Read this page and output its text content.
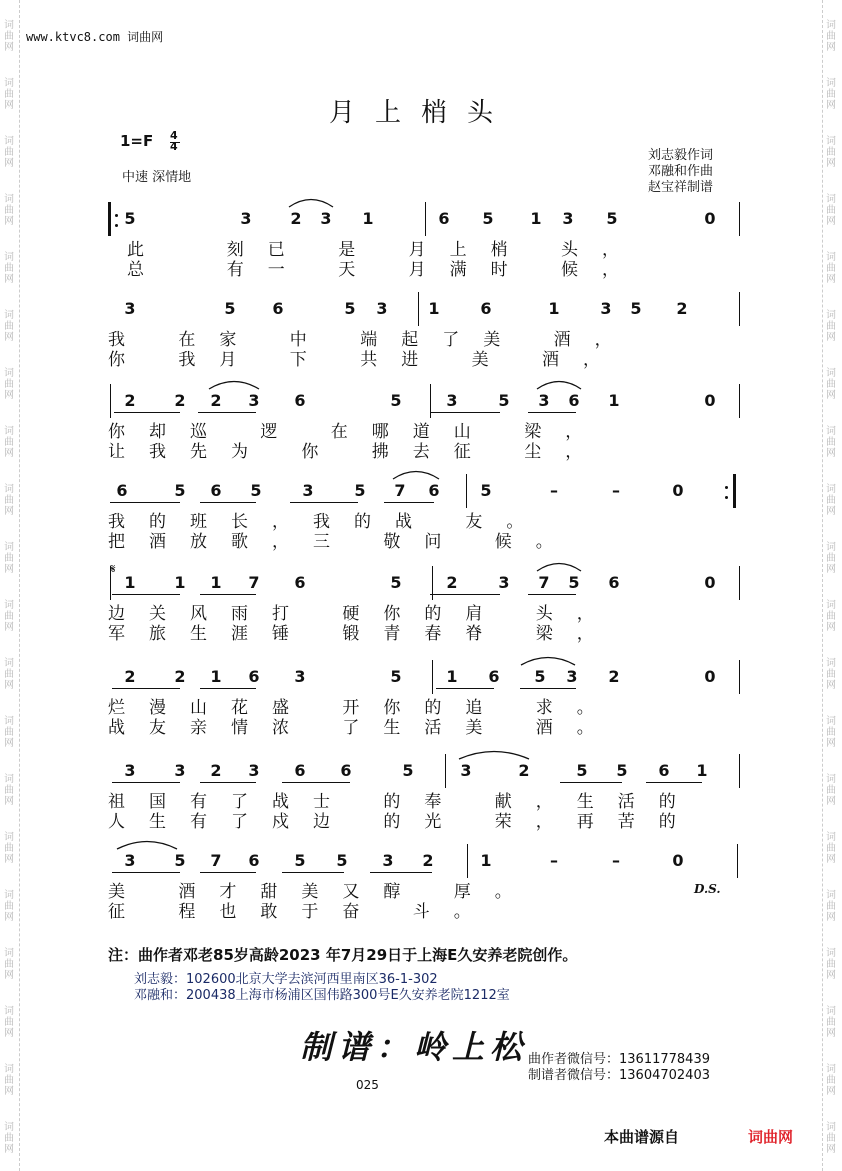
词
曲
网
词
曲
网
词
曲
网
词
曲
网
词
曲
网
词
曲
网
词
曲
网
词
曲
网
词
曲
网
词
曲
网
词
曲
网
词
曲
网
词
曲
网
词
曲
网
词
曲
网
词
曲
网
词
曲
网
词
曲
网
词
曲
网
词
曲
网
词
曲
网
词
曲
网
词
曲
网
词
曲
网
词
曲
网
词
曲
网
词
曲
网
词
曲
网
词
曲
网
词
曲
网
词
曲
网
词
曲
网
词
曲
网
词
曲
网
词
曲
网
词
曲
网
词
曲
网
词
曲
网
词
曲
网
词
曲
网
www.ktvc8.com 词曲网
月上梢头
1=F 4
4
中速 深情地
刘志毅作词
邓融和作曲
赵宝祥制谱
𝄋
D.S.
5	3 2 3 1	6 5 1 3 5	0
此  刻已 是 月上梢 头，
总  有一 天 月满时 候，
3	5 6	5 3	1	6	1	3 5 2
我 在家 中 端起了美 酒，
你 我月 下 共进 美 酒，
2 2 2 3 6	5	3	5 3 6 1	0
你却巡 逻 在哪道山 梁，
让我先为 你 拂去征 尘，
6	5 6 5	3	5 7 6	5	–	–	0
我的班长，我的战 友。
把酒放歌，三 敬问 候。
1 1 1 7 6	5	2	3 7 5 6	0
边关风雨打 硬你的肩 头，
军旅生涯锤 锻青春脊 梁，
2 2 1 6 3	5	1 6 5 3 2	0
烂漫山花盛 开你的追 求。
战友亲情浓 了生活美 酒。
3 3 2 3 6 6	5	3	2	5 5 6 1
祖国有了战士 的奉 献，生活的
人生有了戍边 的光 荣，再苦的
3 5 7 6 5 5 3 2	1	–	–	0
美 酒才甜美又醇 厚。
征 程也敢于奋 斗。
注：曲作者邓老85岁高龄2023 年7月29日于上海E久安养老院创作。
刘志毅：102600北京大学去滨河西里南区36-1-302
邓融和：200438上海市杨浦区国伟路300号E久安养老院1212室
制谱：岭上松 曲作者微信号：13611778439
制谱者微信号：13604702403
025
本曲谱源自	词曲网
